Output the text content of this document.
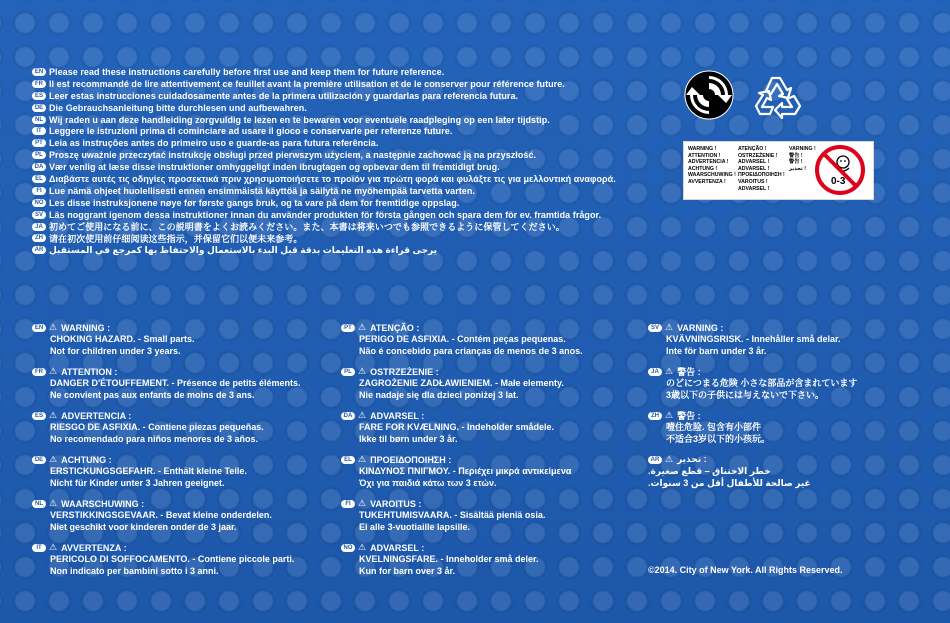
EN Please read these instructions carefully before first use and keep them for future reference.
FR Il est recommandé de lire attentivement ce feuillet avant la première utilisation et de le conserver pour référence future.
ES Leer estas instrucciones cuidadosamente antes de la primera utilización y guardarlas para referencia futura.
DE Die Gebrauchsanleitung bitte durchlesen und aufbewahren.
NL Wij raden u aan deze handleiding zorgvuldig te lezen en te bewaren voor eventuele raadpleging op een later tijdstip.
IT Leggere le istruzioni prima di cominciare ad usare il gioco e conservarle per referenze future.
PT Leia as instruções antes do primeiro uso e guarde-as para futura referência.
PL Proszę uważnie przeczytać instrukcję obsługi przed pierwszym użyciem, a następnie zachować ją na przyszłość.
DA Vær venlig at læse disse instruktioner omhyggeligt inden ibrugtagen og opbevar dem til fremtidigt brug.
EL Διαβάστε αυτές τις οδηγίες προσεκτικά πριν χρησιμοποιήσετε το προϊόν για πρώτη φορά και φυλάξτε τις για μελλοντική αναφορά.
FI Lue nämä ohjeet huolellisesti ennen ensimmäistä käyttöä ja säilytä ne myöhempää tarvetta varten.
NO Les disse instruksjonene nøye før første gangs bruk, og ta vare på dem for fremtidige oppslag.
SV Läs noggrant igenom dessa instruktioner innan du använder produkten för första gången och spara dem för ev. framtida frågor.
JA 初めてご使用になる前に、この説明書をよくお読みください。また、本書は将来いつでも参照できるように保管してください。
ZH 请在初次使用前仔细阅读这些指示，并保留它们以便未来参考。
AR يرجى قراءة هذه التعليمات بدقة قبل البدء بالاستعمال والاحتفاظ بها كمرجع في المستقبل
EN ⚠ WARNING :
CHOKING HAZARD. - Small parts.
Not for children under 3 years.
FR ⚠ ATTENTION :
DANGER D'ÉTOUFFEMENT. - Présence de petits éléments.
Ne convient pas aux enfants de moins de 3 ans.
ES ⚠ ADVERTENCIA :
RIESGO DE ASFIXIA. - Contiene piezas pequeñas.
No recomendado para niños menores de 3 años.
DE ⚠ ACHTUNG :
ERSTICKUNGSGEFAHR. - Enthält kleine Teile.
Nicht für Kinder unter 3 Jahren geeignet.
NL ⚠ WAARSCHUWING :
VERSTIKKINGSGEVAAR. - Bevat kleine onderdelen.
Niet geschikt voor kinderen onder de 3 jaar.
IT ⚠ AVVERTENZA :
PERICOLO DI SOFFOCAMENTO. - Contiene piccole parti.
Non indicato per bambini sotto i 3 anni.
PT ⚠ ATENÇÃO :
PERIGO DE ASFIXIA. - Contém peças pequenas.
Não é concebido para crianças de menos de 3 anos.
PL ⚠ OSTRZEŻENIE :
ZAGROŻENIE ZADŁAWIENIEM. - Małe elementy.
Nie nadaje się dla dzieci poniżej 3 lat.
DA ⚠ ADVARSEL :
FARE FOR KVÆLNING. - Indeholder smådele.
Ikke til børn under 3 år.
EL ⚠ ΠΡΟΕΙΔΟΠΟΙΗΣΗ :
ΚΙΝΔΥΝΟΣ ΠΝΙΓΜΟΥ. - Περιέχει μικρά αντικείμενα
Όχι για παιδιά κάτω των 3 ετών.
FI ⚠ VAROITUS :
TUKEHTUMISVAARA. - Sisältää pieniä osia.
Ei alle 3-vuotiaille lapsille.
NO ⚠ ADVARSEL :
KVELNINGSFARE. - Inneholder små deler.
Kun for barn over 3 år.
SV ⚠ VARNING :
KVÄVNINGSRISK. - Innehåller små delar.
Inte för barn under 3 år.
JA ⚠ 警告 :
のどにつまる危険 小さな部品が含まれています
3歳以下の子供には与えないで下さい。
ZH ⚠ 警告 :
噎住危险. 包含有小部件
不适合3岁以下的小孩玩。
AR ⚠ تحذير :
خطر الاختناق – قطع صغيرة.
غير صالحة للأطفال أقل من 3 سنوات.
©2014. City of New York. All Rights Reserved.
WARNING !
ATTENTION !
ADVERTENCIA !
ACHTUNG !
WAARSCHUWING !
AVVERTENZA !
ATENÇÃO !
OSTRZEŻENIE !
ADVARSEL !
ADVARSEL !
ΠΡΟΕΙΔΟΠΟΙΗΣΗ !
VAROITUS !
ADVARSEL !
VARNING !
警告 !
警告 !
تحذير !
0-3
